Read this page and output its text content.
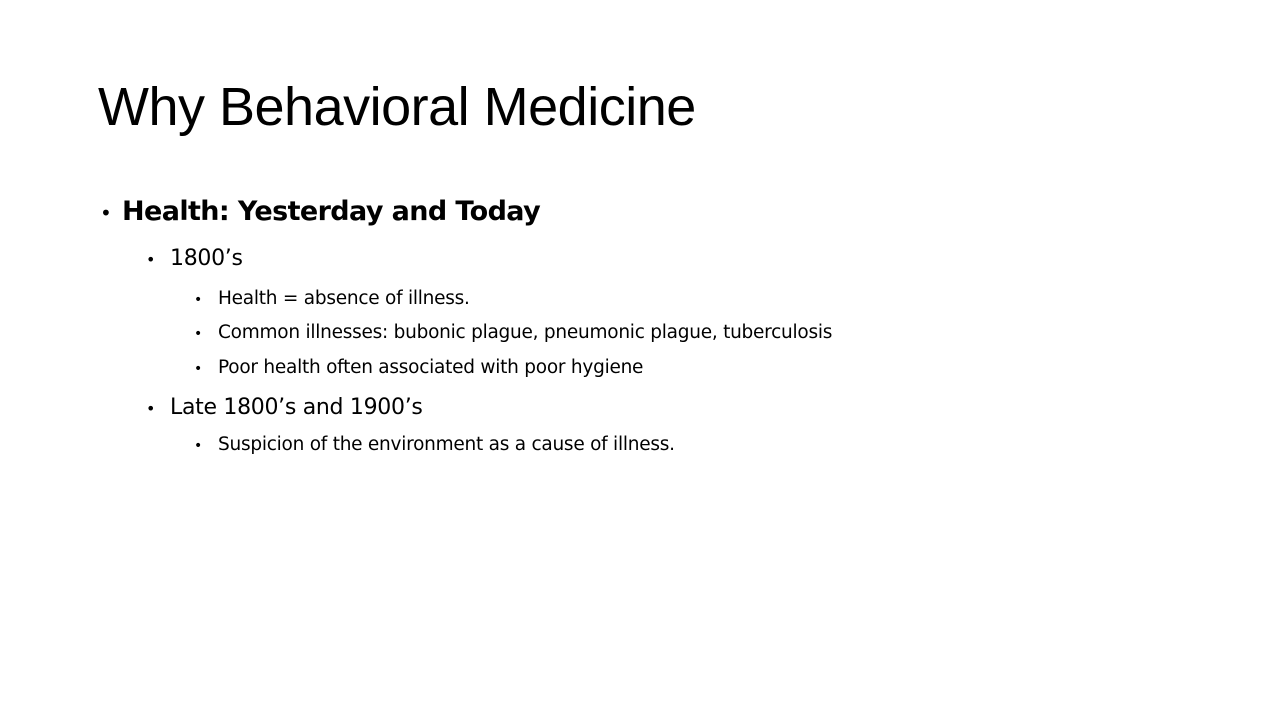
Why Behavioral Medicine
• Health: Yesterday and Today
• 1800’s
• Health = absence of illness.
• Common illnesses: bubonic plague, pneumonic plague, tuberculosis
• Poor health often associated with poor hygiene
• Late 1800’s and 1900’s
• Suspicion of the environment as a cause of illness.
